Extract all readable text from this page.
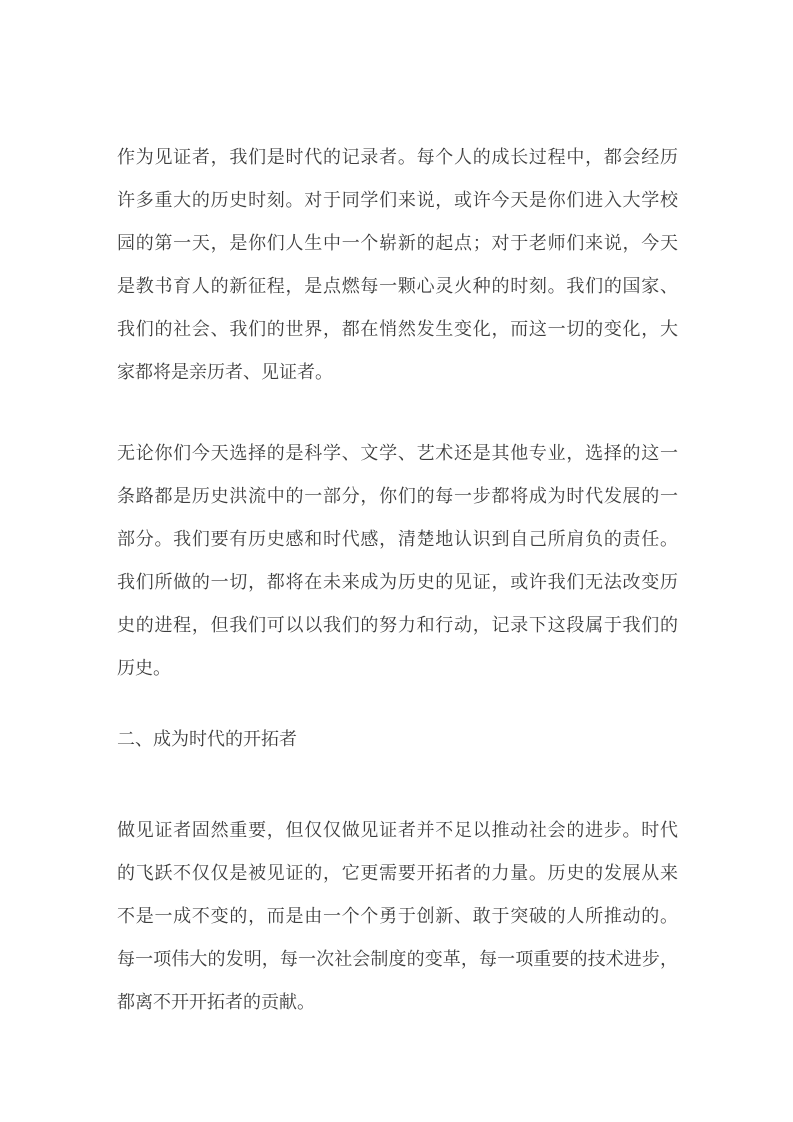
作为见证者，我们是时代的记录者。每个人的成长过程中，都会经历
许多重大的历史时刻。对于同学们来说，或许今天是你们进入大学校
园的第一天，是你们人生中一个崭新的起点；对于老师们来说，今天
是教书育人的新征程，是点燃每一颗心灵火种的时刻。我们的国家、
我们的社会、我们的世界，都在悄然发生变化，而这一切的变化，大
家都将是亲历者、见证者。
无论你们今天选择的是科学、文学、艺术还是其他专业，选择的这一
条路都是历史洪流中的一部分，你们的每一步都将成为时代发展的一
部分。我们要有历史感和时代感，清楚地认识到自己所肩负的责任。
我们所做的一切，都将在未来成为历史的见证，或许我们无法改变历
史的进程，但我们可以以我们的努力和行动，记录下这段属于我们的
历史。
二、成为时代的开拓者
做见证者固然重要，但仅仅做见证者并不足以推动社会的进步。时代
的飞跃不仅仅是被见证的，它更需要开拓者的力量。历史的发展从来
不是一成不变的，而是由一个个勇于创新、敢于突破的人所推动的。
每一项伟大的发明，每一次社会制度的变革，每一项重要的技术进步，
都离不开开拓者的贡献。
